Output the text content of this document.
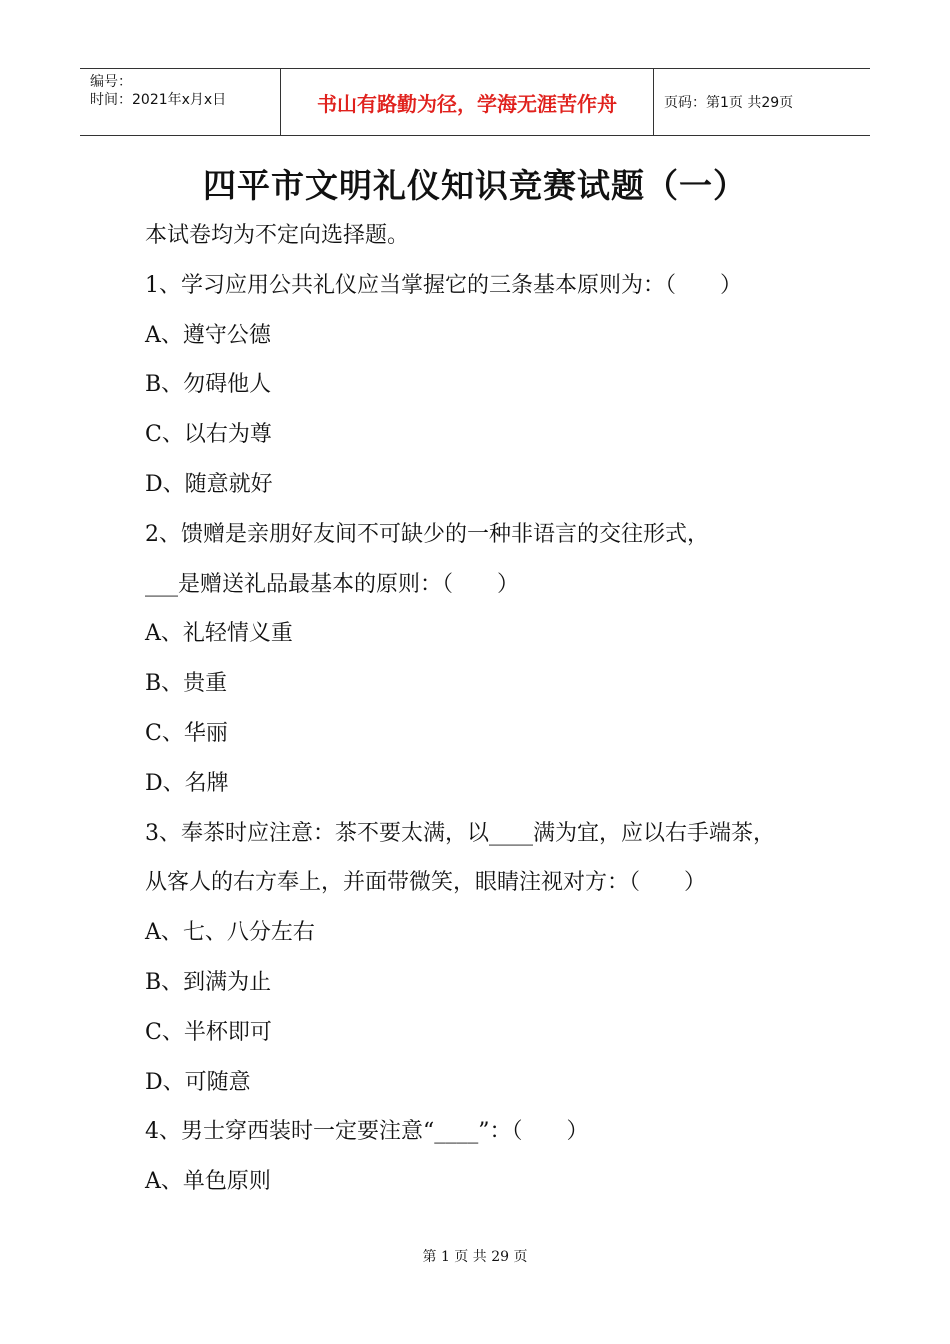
编号：
时间：2021年x月x日	书山有路勤为径，学海无涯苦作舟	页码：第1页 共29页
四平市文明礼仪知识竞赛试题（一）
本试卷均为不定向选择题。
1、学习应用公共礼仪应当掌握它的三条基本原则为：（　　）
A、遵守公德
B、勿碍他人
C、以右为尊
D、随意就好
2、馈赠是亲朋好友间不可缺少的一种非语言的交往形式，
___是赠送礼品最基本的原则：（　　）
A、礼轻情义重
B、贵重
C、华丽
D、名牌
3、奉茶时应注意：茶不要太满，以____满为宜，应以右手端茶，
从客人的右方奉上，并面带微笑，眼睛注视对方：（　　）
A、七、八分左右
B、到满为止
C、半杯即可
D、可随意
4、男士穿西装时一定要注意“____”：（　　）
A、单色原则
第 1 页 共 29 页
